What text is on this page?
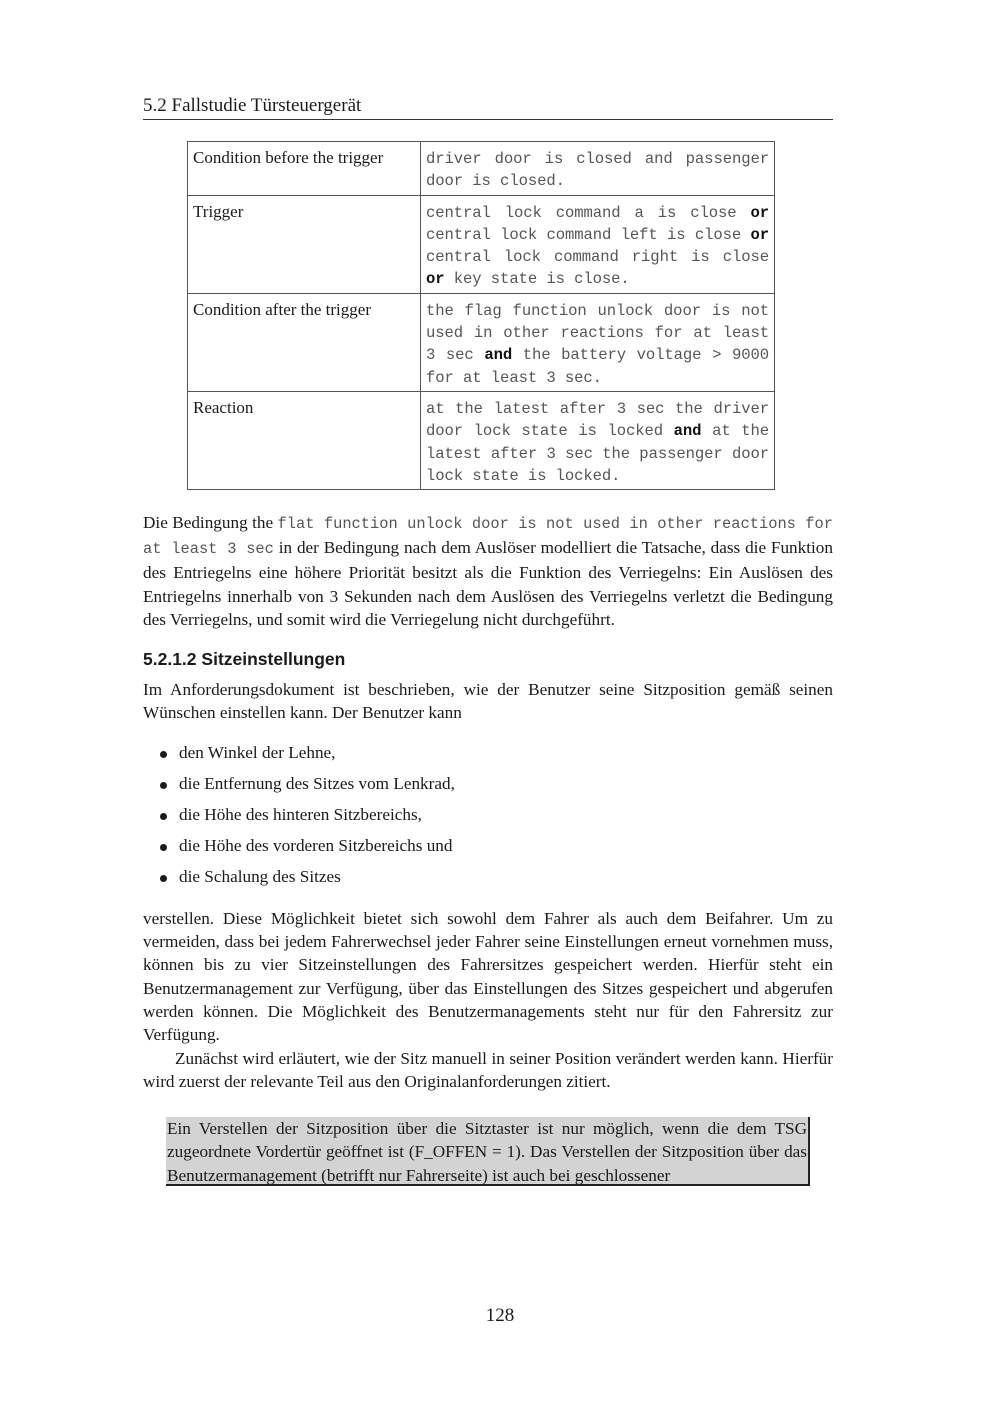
5.2 Fallstudie Türsteuergerät
Condition before the trigger	driver door is closed and passenger door is closed.
Trigger	central lock command a is close or central lock command left is close or central lock command right is close or key state is close.
Condition after the trigger	the flag function unlock door is not used in other reactions for at least 3 sec and the battery voltage > 9000 for at least 3 sec.
Reaction	at the latest after 3 sec the driver door lock state is locked and at the latest after 3 sec the passenger door lock state is locked.

Die Bedingung the flat function unlock door is not used in other reactions for at least 3 sec in der Bedingung nach dem Auslöser modelliert die Tatsache, dass die Funktion des Entriegelns eine höhere Priorität besitzt als die Funktion des Verriegelns: Ein Auslösen des Entriegelns innerhalb von 3 Sekunden nach dem Auslösen des Verriegelns verletzt die Bedingung des Verriegelns, und somit wird die Verriegelung nicht durchgeführt.

5.2.1.2 Sitzeinstellungen

Im Anforderungsdokument ist beschrieben, wie der Benutzer seine Sitzposition gemäß seinen Wünschen einstellen kann. Der Benutzer kann

den Winkel der Lehne,
die Entfernung des Sitzes vom Lenkrad,
die Höhe des hinteren Sitzbereichs,
die Höhe des vorderen Sitzbereichs und
die Schalung des Sitzes

verstellen. Diese Möglichkeit bietet sich sowohl dem Fahrer als auch dem Beifahrer. Um zu vermeiden, dass bei jedem Fahrerwechsel jeder Fahrer seine Einstellungen erneut vornehmen muss, können bis zu vier Sitzeinstellungen des Fahrersitzes gespeichert werden. Hierfür steht ein Benutzermanagement zur Verfügung, über das Einstellungen des Sitzes gespeichert und abgerufen werden können. Die Möglichkeit des Benutzermanagements steht nur für den Fahrersitz zur Verfügung.

Zunächst wird erläutert, wie der Sitz manuell in seiner Position verändert werden kann. Hierfür wird zuerst der relevante Teil aus den Originalanforderungen zitiert.

Ein Verstellen der Sitzposition über die Sitztaster ist nur möglich, wenn die dem TSG zugeordnete Vordertür geöffnet ist (F_OFFEN = 1). Das Verstellen der Sitzposition über das Benutzermanagement (betrifft nur Fahrerseite) ist auch bei geschlossener
128
